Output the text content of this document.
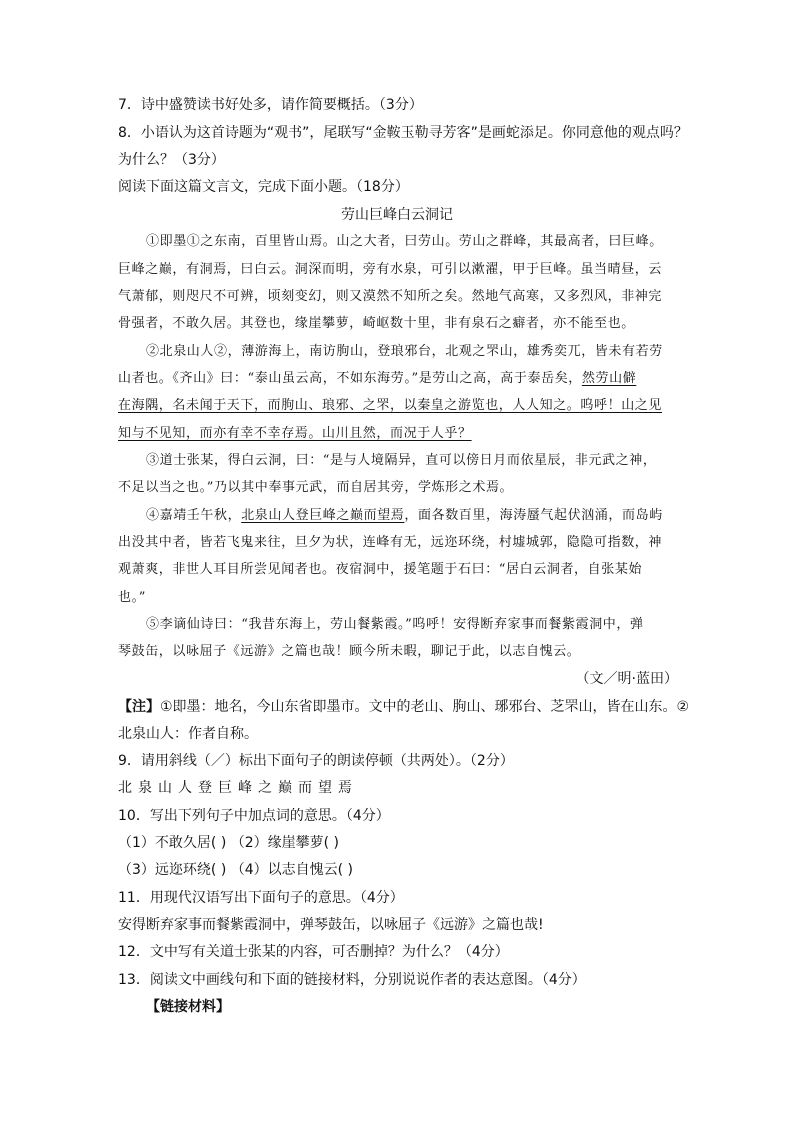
7．诗中盛赞读书好处多，请作简要概括。（3分）
8．小语认为这首诗题为“观书”，尾联写“金鞍玉勒寻芳客”是画蛇添足。你同意他的观点吗？
为什么？（3分）
阅读下面这篇文言文，完成下面小题。（18分）
劳山巨峰白云洞记
①即墨①之东南，百里皆山焉。山之大者，曰劳山。劳山之群峰，其最高者，曰巨峰。
巨峰之巅，有洞焉，曰白云。洞深而明，旁有水泉，可引以漱濯，甲于巨峰。虽当晴昼，云
气萧郁，则咫尺不可辨，顷刻变幻，则又漠然不知所之矣。然地气高寒，又多烈风，非神完
骨强者，不敢久居。其登也，缘崖攀萝，崎岖数十里，非有泉石之癖者，亦不能至也。
②北泉山人②，薄游海上，南访朐山，登琅邪台，北观之罘山，雄秀奕兀，皆未有若劳
山者也。《齐山》曰：“泰山虽云高，不如东海劳。”是劳山之高，高于泰岳矣，然劳山僻
在海隅，名未闻于天下，而朐山、琅邪、之罘，以秦皇之游览也，人人知之。呜呼！山之见
知与不见知，而亦有幸不幸存焉。山川且然，而况于人乎？
③道士张某，得白云洞，曰：“是与人境隔异，直可以傍日月而依星辰，非元武之神，
不足以当之也。”乃以其中奉事元武，而自居其旁，学炼形之术焉。
④嘉靖壬午秋，北泉山人登巨峰之巅而望焉，面各数百里，海涛蜃气起伏汹涌，而岛屿
出没其中者，皆若飞鬼来往，旦夕为状，连峰有无，远迩环绕，村墟城郭，隐隐可指数，神
观萧爽，非世人耳目所尝见闻者也。夜宿洞中，援笔题于石曰：“居白云洞者，自张某始
也。”
⑤李谪仙诗曰：“我昔东海上，劳山餐紫霞。”呜呼！安得断弃家事而餐紫霞洞中，弹
琴鼓缶，以咏屈子《远游》之篇也哉！顾今所未暇，聊记于此，以志自愧云。
（文／明·蓝田）
【注】①即墨：地名，今山东省即墨市。文中的老山、朐山、琊邪台、芝罘山，皆在山东。②
北泉山人：作者自称。
9．请用斜线（／）标出下面句子的朗读停顿（共两处）。（2分）
北泉山人登巨峰之巅而望焉
10．写出下列句子中加点词的意思。（4分）
（1）不敢久居( ) （2）缘崖攀萝( )
（3）远迩环绕( ) （4）以志自愧云( )
11．用现代汉语写出下面句子的意思。（4分）
安得断弃家事而餐紫霞洞中，弹琴鼓缶，以咏屈子《远游》之篇也哉!
12．文中写有关道士张某的内容，可否删掉？为什么？（4分）
13．阅读文中画线句和下面的链接材料，分别说说作者的表达意图。（4分）
【链接材料】
